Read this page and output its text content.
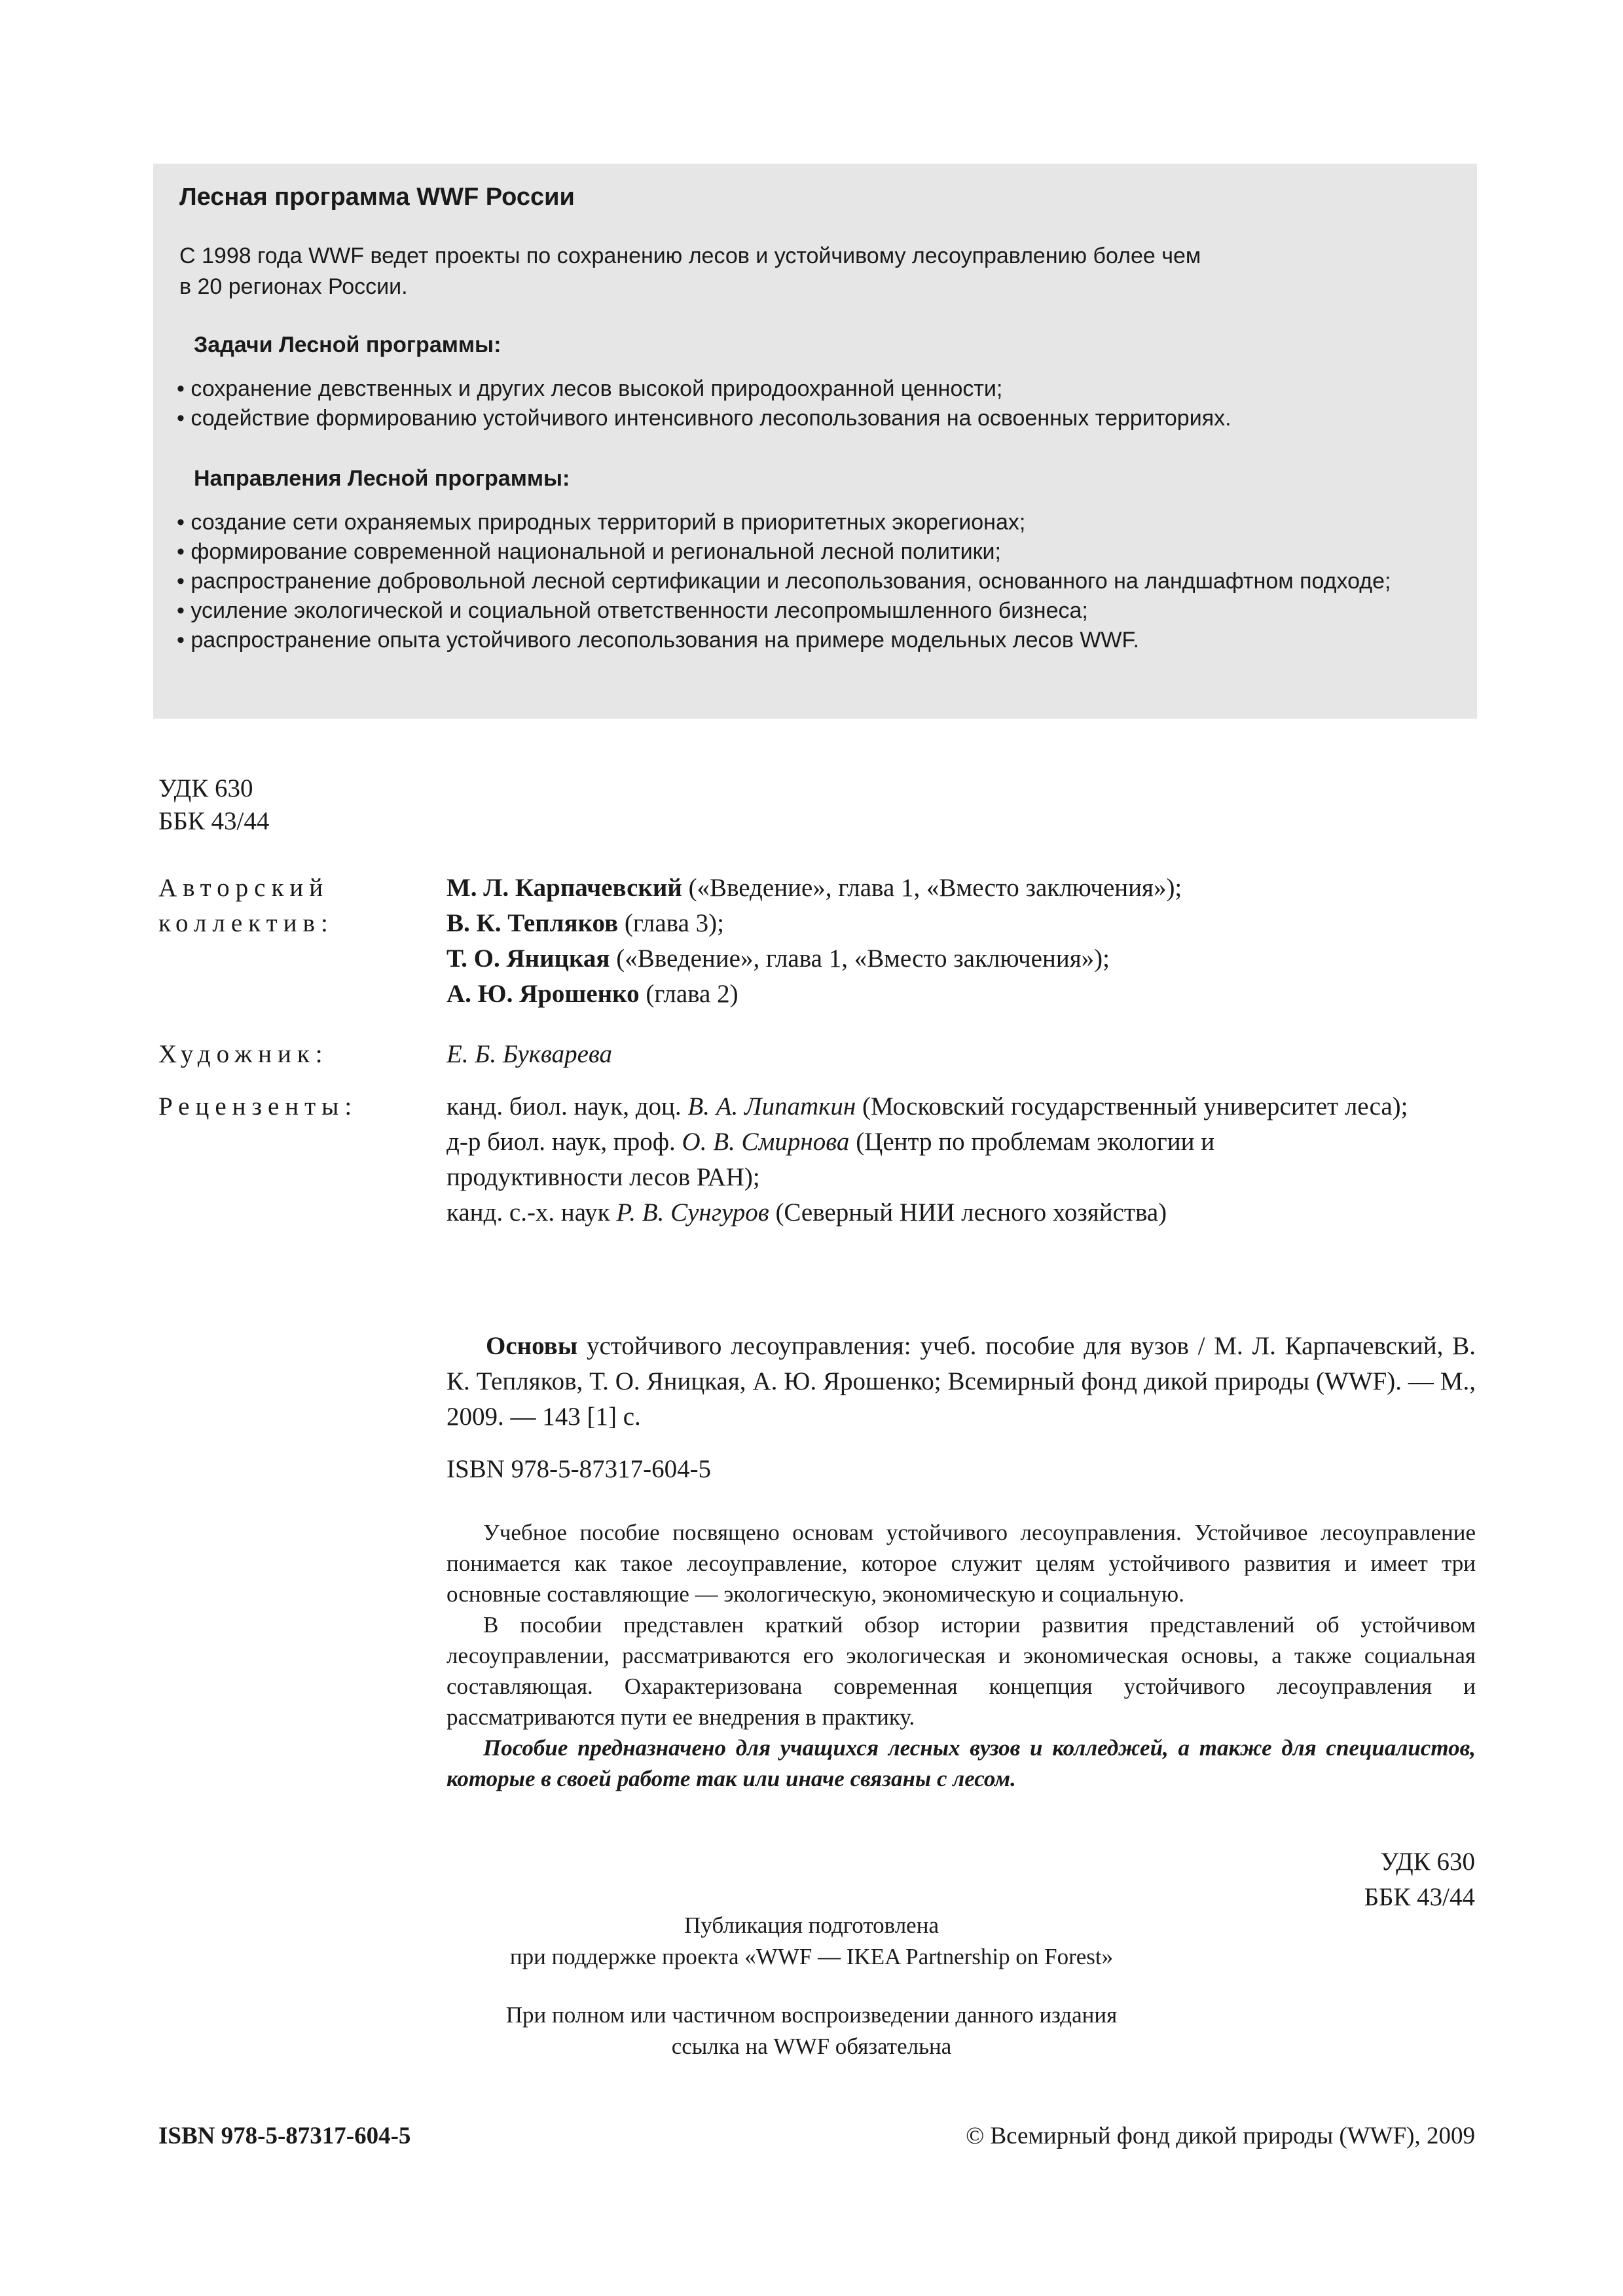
Лесная программа WWF России

С 1998 года WWF ведет проекты по сохранению лесов и устойчивому лесоуправлению более чем
в 20 регионах России.

Задачи Лесной программы:
• сохранение девственных и других лесов высокой природоохранной ценности;
• содействие формированию устойчивого интенсивного лесопользования на освоенных территориях.
Направления Лесной программы:
• создание сети охраняемых природных территорий в приоритетных экорегионах;
• формирование современной национальной и региональной лесной политики;
• распространение добровольной лесной сертификации и лесопользования, основанного на ландшафтном подходе;
• усиление экологической и социальной ответственности лесопромышленного бизнеса;
• распространение опыта устойчивого лесопользования на примере модельных лесов WWF.
УДК 630
ББК 43/44
Авторский
коллектив:

М. Л. Карпачевский («Введение», глава 1, «Вместо заключения»);

В. К. Тепляков (глава 3);

Т. О. Яницкая («Введение», глава 1, «Вместо заключения»);

А. Ю. Ярошенко (глава 2)

Художник:	Е. Б. Букварева
Рецензенты:	канд. биол. наук, доц. В. А. Липаткин (Московский государственный университет леса);

д-р биол. наук, проф. О. В. Смирнова (Центр по проблемам экологии и продуктивности лесов РАН);

канд. с.-х. наук Р. В. Сунгуров (Северный НИИ лесного хозяйства)

Основы устойчивого лесоуправления: учеб. пособие для вузов / М. Л. Карпачевский, В. К. Тепляков, Т. О. Яницкая, А. Ю. Ярошенко; Всемирный фонд дикой природы (WWF). — М., 2009. — 143 [1] с.

ISBN 978-5-87317-604-5

Учебное пособие посвящено основам устойчивого лесоуправления. Устойчивое лесоуправление понимается как такое лесоуправление, которое служит целям устойчивого развития и имеет три основные составляющие — экологическую, экономическую и социальную.

В пособии представлен краткий обзор истории развития представлений об устойчивом лесоуправлении, рассматриваются его экологическая и экономическая основы, а также социальная составляющая. Охарактеризована современная концепция устойчивого лесоуправления и рассматриваются пути ее внедрения в практику.

Пособие предназначено для учащихся лесных вузов и колледжей, а также для специалистов, которые в своей работе так или иначе связаны с лесом.

УДК 630
ББК 43/44

Публикация подготовлена

при поддержке проекта «WWF — IKEA Partnership on Forest»

При полном или частичном воспроизведении данного издания

ссылка на WWF обязательна

ISBN 978-5-87317-604-5	© Всемирный фонд дикой природы (WWF), 2009
